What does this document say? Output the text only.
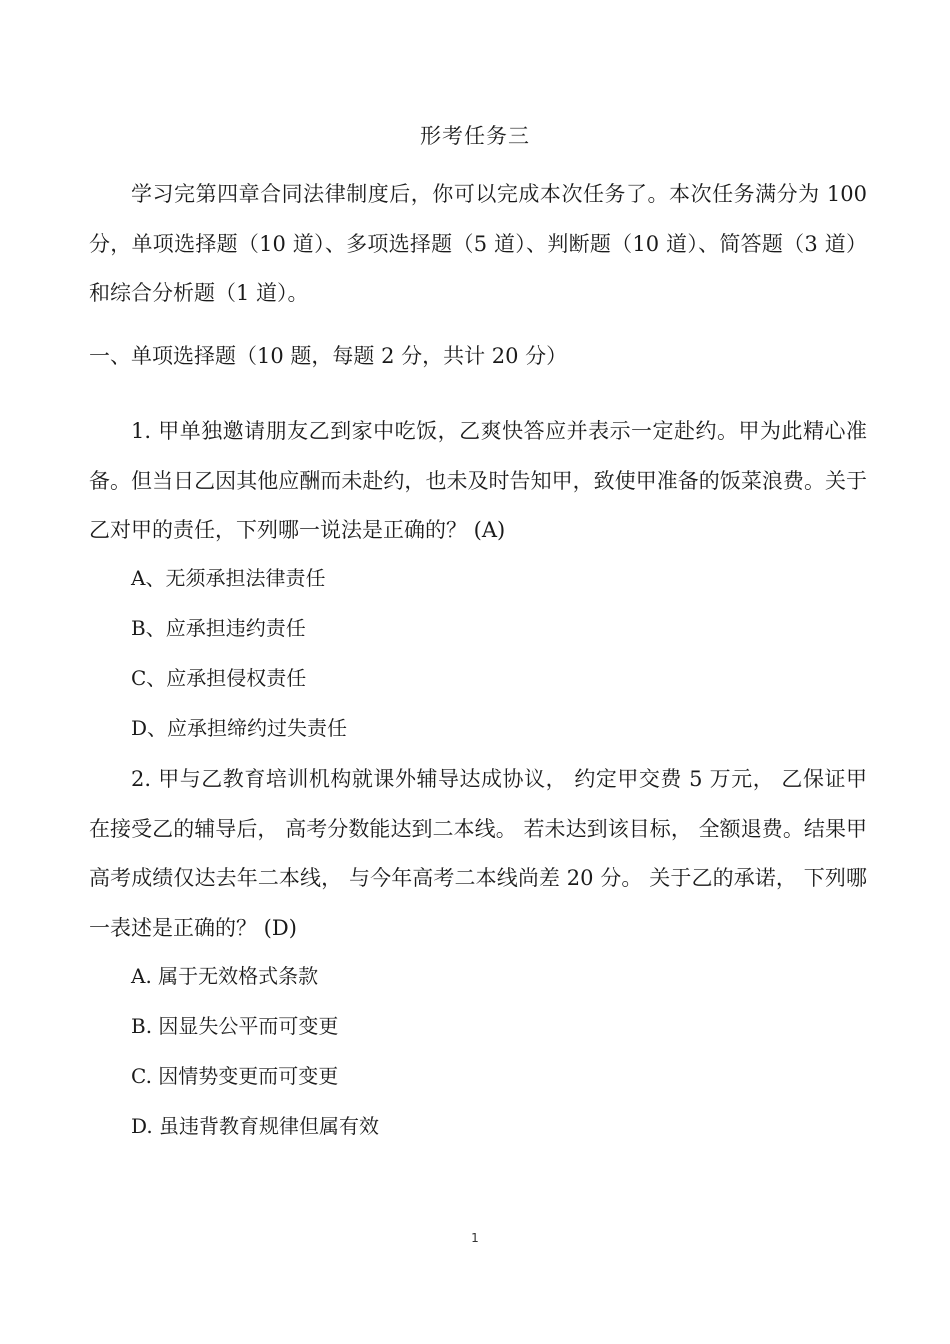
形考任务三

学习完第四章合同法律制度后，你可以完成本次任务了。本次任务满分为 100 分，单项选择题（10 道）、多项选择题（5 道）、判断题（10 道）、简答题（3 道）和综合分析题（1 道）。

一、单项选择题（10 题，每题 2 分，共计 20 分）

1. 甲单独邀请朋友乙到家中吃饭，乙爽快答应并表示一定赴约。甲为此精心准备。但当日乙因其他应酬而未赴约，也未及时告知甲，致使甲准备的饭菜浪费。关于乙对甲的责任，下列哪一说法是正确的？ (A)

A、无须承担法律责任

B、应承担违约责任

C、应承担侵权责任

D、应承担缔约过失责任

2. 甲与乙教育培训机构就课外辅导达成协议， 约定甲交费 5 万元， 乙保证甲在接受乙的辅导后， 高考分数能达到二本线。 若未达到该目标， 全额退费。结果甲高考成绩仅达去年二本线， 与今年高考二本线尚差 20 分。 关于乙的承诺， 下列哪一表述是正确的？ (D)

A. 属于无效格式条款

B. 因显失公平而可变更

C. 因情势变更而可变更

D. 虽违背教育规律但属有效

1
